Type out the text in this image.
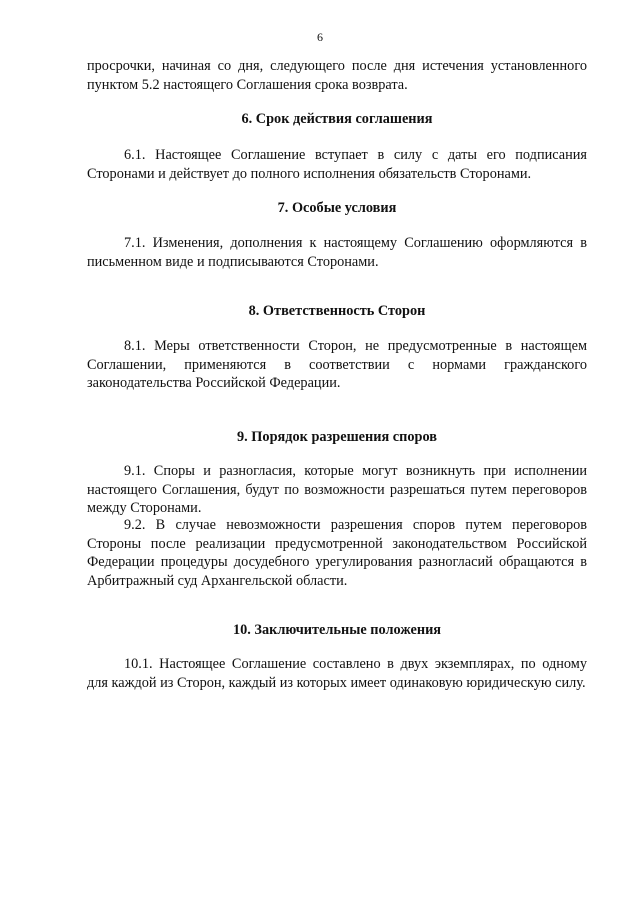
6

просрочки, начиная со дня, следующего после дня истечения установленного пунктом 5.2 настоящего Соглашения срока возврата.

6. Срок действия соглашения

6.1. Настоящее Соглашение вступает в силу с даты его подписания Сторонами и действует до полного исполнения обязательств Сторонами.

7. Особые условия

7.1. Изменения, дополнения к настоящему Соглашению оформляются в письменном виде и подписываются Сторонами.

8. Ответственность Сторон

8.1. Меры ответственности Сторон, не предусмотренные в настоящем Соглашении, применяются в соответствии с нормами гражданского законодательства Российской Федерации.

9. Порядок разрешения споров

9.1. Споры и разногласия, которые могут возникнуть при исполнении настоящего Соглашения, будут по возможности разрешаться путем переговоров между Сторонами.

9.2. В случае невозможности разрешения споров путем переговоров Стороны после реализации предусмотренной законодательством Российской Федерации процедуры досудебного урегулирования разногласий обращаются в Арбитражный суд Архангельской области.

10. Заключительные положения

10.1. Настоящее Соглашение составлено в двух экземплярах, по одному для каждой из Сторон, каждый из которых имеет одинаковую юридическую силу.
